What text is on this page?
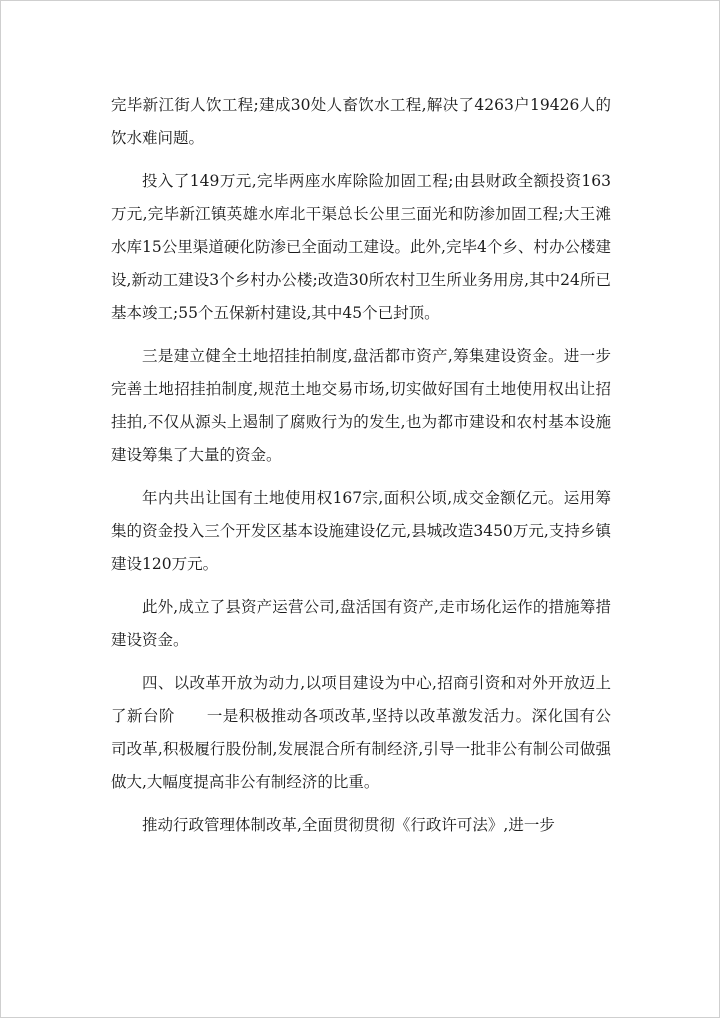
完毕新江街人饮工程;建成30处人畜饮水工程,解决了4263户19426人的饮水难问题。

投入了149万元,完毕两座水库除险加固工程;由县财政全额投资163万元,完毕新江镇英雄水库北干渠总长公里三面光和防渗加固工程;大王滩水库15公里渠道硬化防渗已全面动工建设。此外,完毕4个乡、村办公楼建设,新动工建设3个乡村办公楼;改造30所农村卫生所业务用房,其中24所已基本竣工;55个五保新村建设,其中45个已封顶。

三是建立健全土地招挂拍制度,盘活都市资产,筹集建设资金。进一步完善土地招挂拍制度,规范土地交易市场,切实做好国有土地使用权出让招挂拍,不仅从源头上遏制了腐败行为的发生,也为都市建设和农村基本设施建设筹集了大量的资金。

年内共出让国有土地使用权167宗,面积公顷,成交金额亿元。运用筹集的资金投入三个开发区基本设施建设亿元,县城改造3450万元,支持乡镇建设120万元。

此外,成立了县资产运营公司,盘活国有资产,走市场化运作的措施筹措建设资金。

四、以改革开放为动力,以项目建设为中心,招商引资和对外开放迈上了新台阶　　一是积极推动各项改革,坚持以改革激发活力。深化国有公司改革,积极履行股份制,发展混合所有制经济,引导一批非公有制公司做强做大,大幅度提高非公有制经济的比重。

推动行政管理体制改革,全面贯彻贯彻《行政许可法》,进一步
